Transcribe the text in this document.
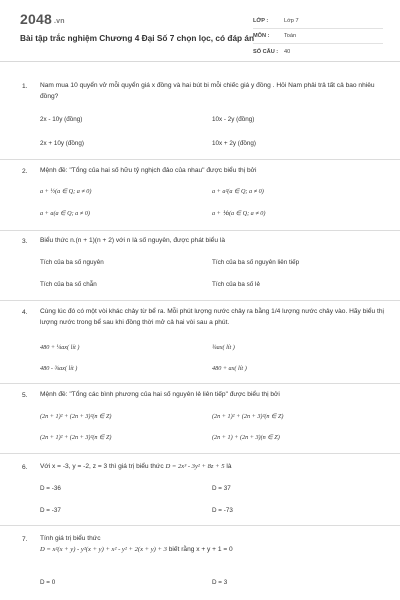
2048 .vn
Bài tập trắc nghiệm Chương 4 Đại Số 7 chọn lọc, có đáp án
LỚP :	Lớp 7
MÔN :	Toán
SỐ CÂU :	40
1. Nam mua 10 quyển vở mỗi quyển giá x đồng và hai bút bi mỗi chiếc giá y đồng . Hỏi Nam phải trả tất cả bao nhiêu đồng?
2x - 10y (đồng)	10x - 2y (đồng)
2x + 10y (đồng)	10x + 2y (đồng)
2. Mệnh đề: "Tổng của hai số hữu tỷ nghịch đảo của nhau" được biểu thị bởi
a + ½(a ∈ Q; a ≠ 0)	a + a²(a ∈ Q; a ≠ 0)
a + a(a ∈ Q; a ≠ 0)	a + ⅟a(a ∈ Q; a ≠ 0)
3. Biểu thức n.(n + 1)(n + 2) với n là số nguyên, được phát biểu là
Tích của ba số nguyên	Tích của ba số nguyên liên tiếp
Tích của ba số chẵn	Tích của ba số lẻ
4. Cùng lúc đó có một vòi khác chảy từ bể ra. Mỗi phút lượng nước chảy ra bằng 1/4 lượng nước chảy vào. Hãy biểu thị lượng nước trong bể sau khi đồng thời mở cả hai vòi sau a phút.
480 + ¼ax( lít )	¾ax( lít )
480 - ¾ax( lít )	480 + ax( lít )
5. Mệnh đề: "Tổng các bình phương của hai số nguyên lẻ liên tiếp" được biểu thị bởi
(2n + 1)² + (2n + 3)²(n ∈ Z)	(2n + 1)² + (2n + 3)²(n ∈ Z)
(2n + 1)² + (2n + 3)²(n ∈ Z)	(2n + 1) + (2n + 3)(n ∈ Z)
6. Với x = -3, y = -2, z = 3 thì giá trị biểu thức D = 2x³ - 3y² + 8z + 5 là
D = -36	D = 37
D = -37	D = -73
7. Tính giá trị biểu thức
D = x²(x + y) - y²(x + y) + x² - y² + 2(x + y) + 3 biết rằng x + y + 1 = 0
D = 0	D = 3
